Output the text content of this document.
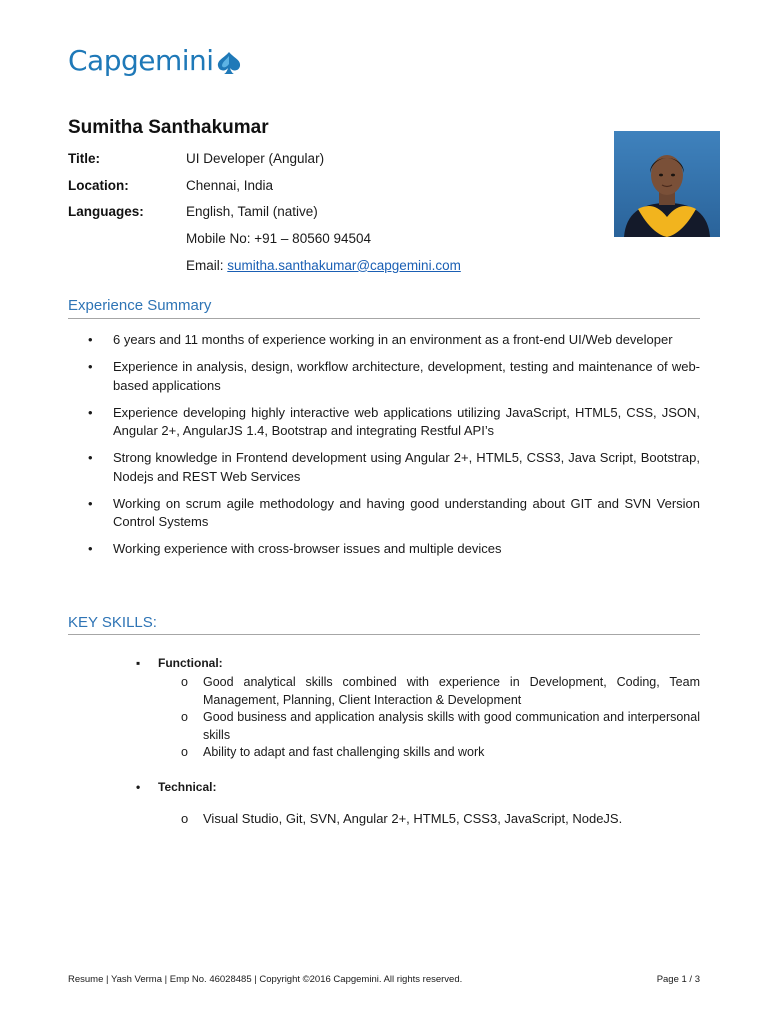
Capgemini
Sumitha Santhakumar
Title:	UI Developer (Angular)
Location:	Chennai, India
Languages:	English, Tamil (native)
Mobile No: +91 – 80560 94504
Email: sumitha.santhakumar@capgemini.com
Experience Summary
• 6 years and 11 months of experience working in an environment as a front-end UI/Web developer
• Experience in analysis, design, workflow architecture, development, testing and maintenance of web-based applications
• Experience developing highly interactive web applications utilizing JavaScript, HTML5, CSS, JSON, Angular 2+, AngularJS 1.4, Bootstrap and integrating Restful API’s
• Strong knowledge in Frontend development using Angular 2+, HTML5, CSS3, Java Script, Bootstrap, Nodejs and REST Web Services
• Working on scrum agile methodology and having good understanding about GIT and SVN Version Control Systems
• Working experience with cross-browser issues and multiple devices
KEY SKILLS:
▪ Functional:
o Good analytical skills combined with experience in Development, Coding, Team Management, Planning, Client Interaction & Development
o Good business and application analysis skills with good communication and interpersonal skills
o Ability to adapt and fast challenging skills and work
• Technical:
o Visual Studio, Git, SVN, Angular 2+, HTML5, CSS3, JavaScript, NodeJS.
Resume | Yash Verma | Emp No. 46028485 | Copyright ©2016 Capgemini. All rights reserved.	Page 1 / 3
